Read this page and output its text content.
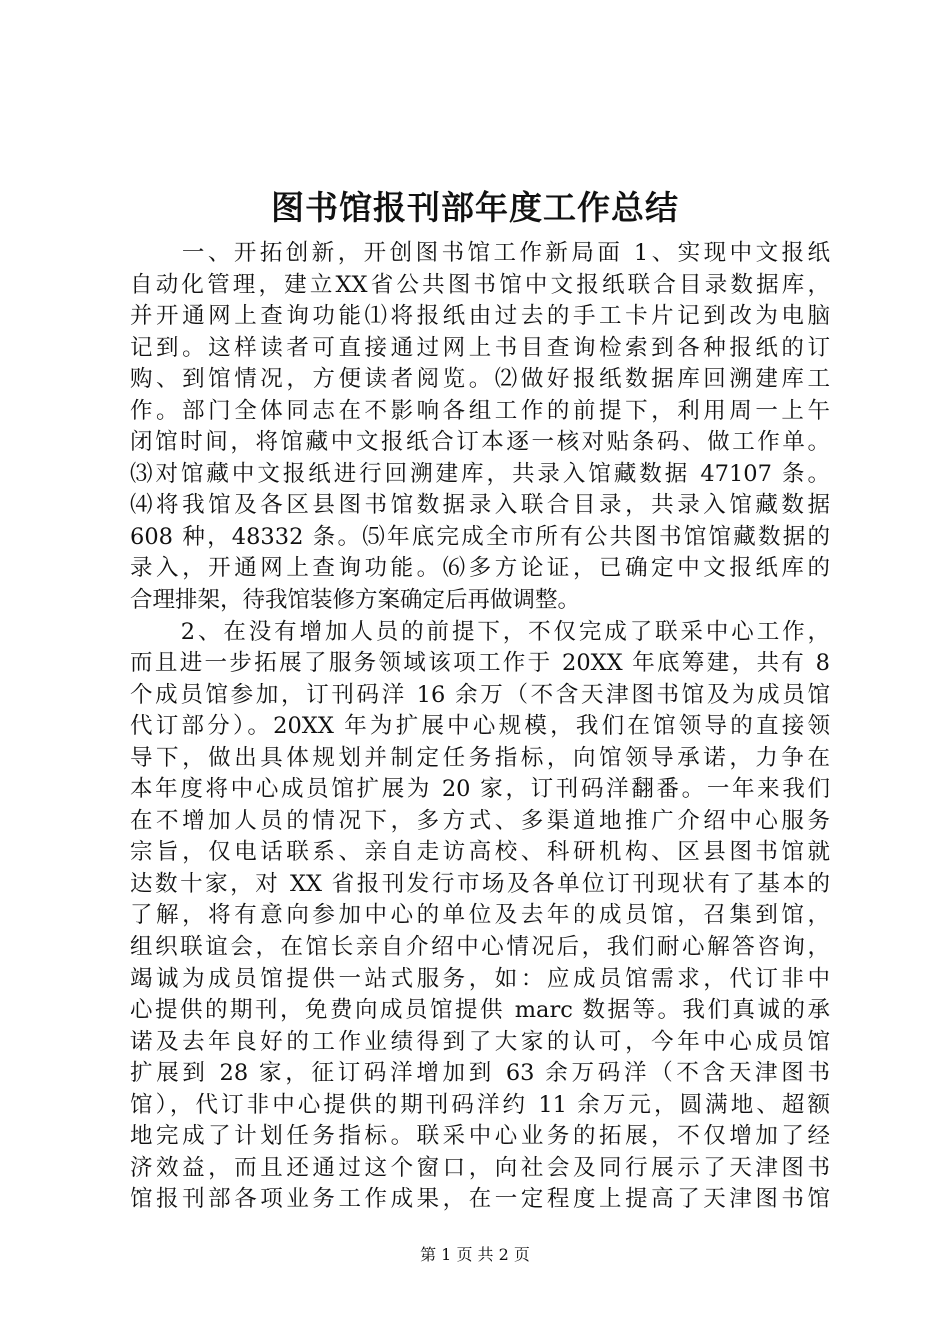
图书馆报刊部年度工作总结
　　一、开拓创新，开创图书馆工作新局面 1、实现中文报纸
自动化管理，建立XX省公共图书馆中文报纸联合目录数据库，
并开通网上查询功能⑴将报纸由过去的手工卡片记到改为电脑
记到。这样读者可直接通过网上书目查询检索到各种报纸的订
购、到馆情况，方便读者阅览。⑵做好报纸数据库回溯建库工
作。部门全体同志在不影响各组工作的前提下，利用周一上午
闭馆时间，将馆藏中文报纸合订本逐一核对贴条码、做工作单。
⑶对馆藏中文报纸进行回溯建库，共录入馆藏数据 47107 条。
⑷将我馆及各区县图书馆数据录入联合目录，共录入馆藏数据
608 种，48332 条。⑸年底完成全市所有公共图书馆馆藏数据的
录入，开通网上查询功能。⑹多方论证，已确定中文报纸库的
合理排架，待我馆装修方案确定后再做调整。
　　2、在没有增加人员的前提下，不仅完成了联采中心工作，
而且进一步拓展了服务领域该项工作于 20XX 年底筹建，共有 8
个成员馆参加，订刊码洋 16 余万（不含天津图书馆及为成员馆
代订部分）。20XX 年为扩展中心规模，我们在馆领导的直接领
导下，做出具体规划并制定任务指标，向馆领导承诺，力争在
本年度将中心成员馆扩展为 20 家，订刊码洋翻番。一年来我们
在不增加人员的情况下，多方式、多渠道地推广介绍中心服务
宗旨，仅电话联系、亲自走访高校、科研机构、区县图书馆就
达数十家，对 XX 省报刊发行市场及各单位订刊现状有了基本的
了解，将有意向参加中心的单位及去年的成员馆，召集到馆，
组织联谊会，在馆长亲自介绍中心情况后，我们耐心解答咨询，
竭诚为成员馆提供一站式服务，如：应成员馆需求，代订非中
心提供的期刊，免费向成员馆提供 marc 数据等。我们真诚的承
诺及去年良好的工作业绩得到了大家的认可，今年中心成员馆
扩展到 28 家，征订码洋增加到 63 余万码洋（不含天津图书
馆），代订非中心提供的期刊码洋约 11 余万元，圆满地、超额
地完成了计划任务指标。联采中心业务的拓展，不仅增加了经
济效益，而且还通过这个窗口，向社会及同行展示了天津图书
馆报刊部各项业务工作成果，在一定程度上提高了天津图书馆
第 1 页 共 2 页
